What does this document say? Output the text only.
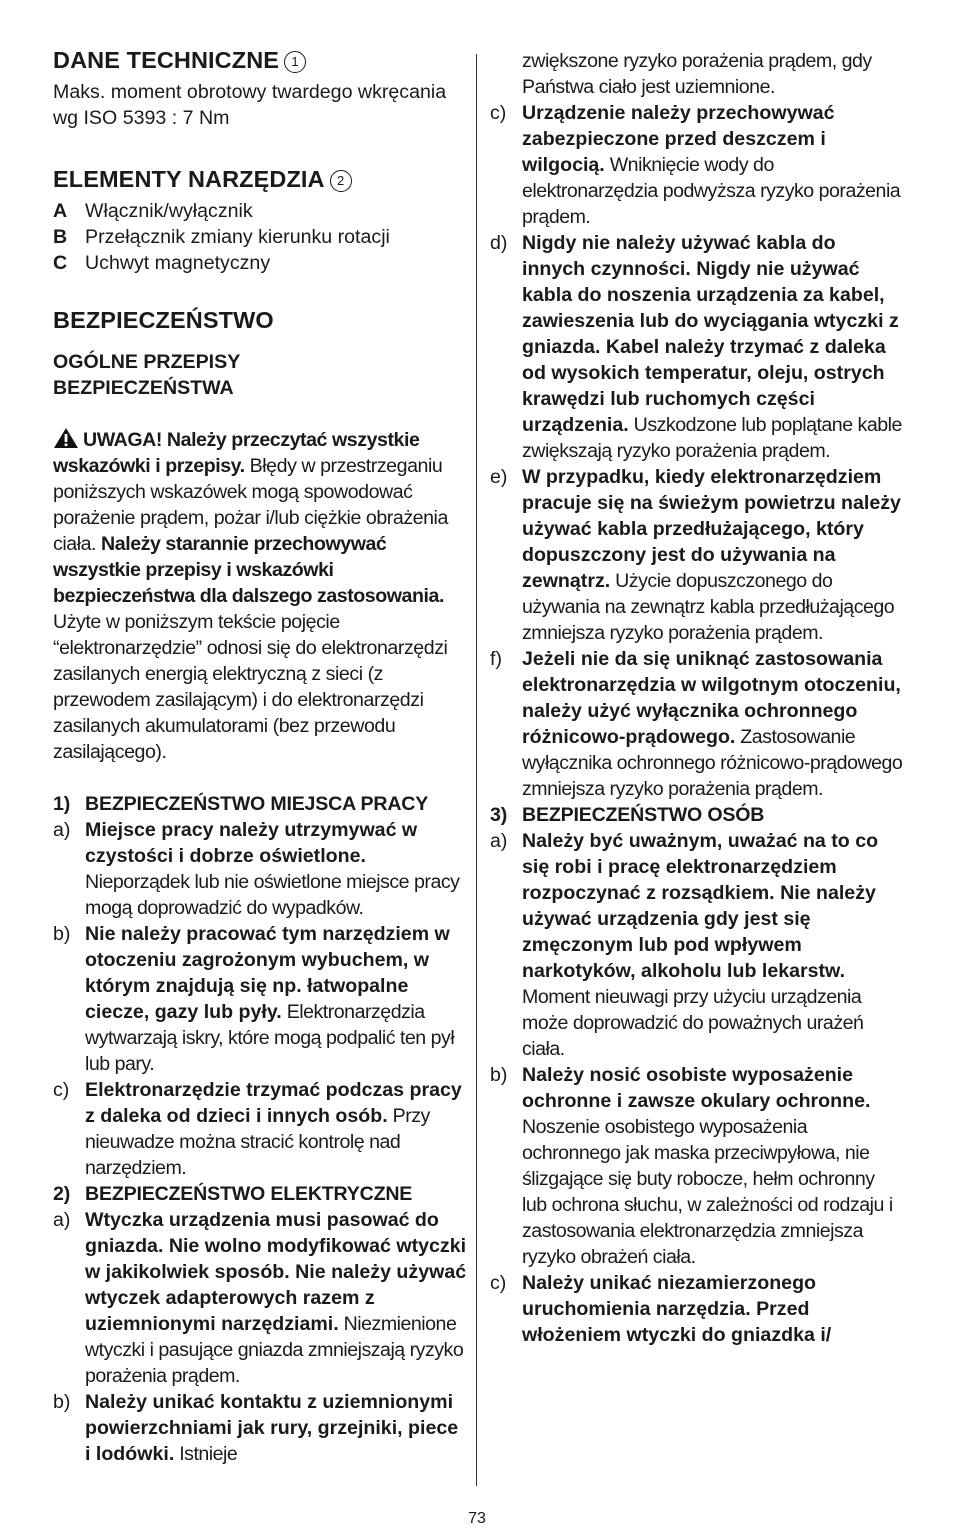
DANE TECHNICZNE 1

Maks. moment obrotowy twardego wkręcania wg ISO 5393 : 7 Nm

ELEMENTY NARZĘDZIA 2
A Włącznik/wyłącznik
B Przełącznik zmiany kierunku rotacji
C Uchwyt magnetyczny
BEZPIECZEŃSTWO
OGÓLNE PRZEPISY
BEZPIECZEŃSTWA

UWAGA! Należy przeczytać wszystkie wskazówki i przepisy. Błędy w przestrzeganiu poniższych wskazówek mogą spowodować porażenie prądem, pożar i/lub ciężkie obrażenia ciała. Należy starannie przechowywać wszystkie przepisy i wskazówki bezpieczeństwa dla dalszego zastosowania. Użyte w poniższym tekście pojęcie “elektronarzędzie” odnosi się do elektronarzędzi zasilanych energią elektryczną z sieci (z przewodem zasilającym) i do elektronarzędzi zasilanych akumulatorami (bez przewodu zasilającego).

1) BEZPIECZEŃSTWO MIEJSCA PRACY
a) Miejsce pracy należy utrzymywać w czystości i dobrze oświetlone. Nieporządek lub nie oświetlone miejsce pracy mogą doprowadzić do wypadków.
b) Nie należy pracować tym narzędziem w otoczeniu zagrożonym wybuchem, w którym znajdują się np. łatwopalne ciecze, gazy lub pyły. Elektronarzędzia wytwarzają iskry, które mogą podpalić ten pył lub pary.
c) Elektronarzędzie trzymać podczas pracy z daleka od dzieci i innych osób. Przy nieuwadze można stracić kontrolę nad narzędziem.
2) BEZPIECZEŃSTWO ELEKTRYCZNE
a) Wtyczka urządzenia musi pasować do gniazda. Nie wolno modyfikować wtyczki w jakikolwiek sposób. Nie należy używać wtyczek adapterowych razem z uziemnionymi narzędziami. Niezmienione wtyczki i pasujące gniazda zmniejszają ryzyko porażenia prądem.
b) Należy unikać kontaktu z uziemnionymi powierzchniami jak rury, grzejniki, piece i lodówki. Istnieje
zwiększone ryzyko porażenia prądem, gdy Państwa ciało jest uziemnione.
c) Urządzenie należy przechowywać zabezpieczone przed deszczem i wilgocią. Wniknięcie wody do elektronarzędzia podwyższa ryzyko porażenia prądem.
d) Nigdy nie należy używać kabla do innych czynności. Nigdy nie używać kabla do noszenia urządzenia za kabel, zawieszenia lub do wyciągania wtyczki z gniazda. Kabel należy trzymać z daleka od wysokich temperatur, oleju, ostrych krawędzi lub ruchomych części urządzenia. Uszkodzone lub poplątane kable zwiększają ryzyko porażenia prądem.
e) W przypadku, kiedy elektronarzędziem pracuje się na świeżym powietrzu należy używać kabla przedłużającego, który dopuszczony jest do używania na zewnątrz. Użycie dopuszczonego do używania na zewnątrz kabla przedłużającego zmniejsza ryzyko porażenia prądem.
f)	Jeżeli nie da się uniknąć zastosowania elektronarzędzia w wilgotnym otoczeniu, należy użyć wyłącznika ochronnego różnicowo-prądowego. Zastosowanie wyłącznika ochronnego różnicowo-prądowego zmniejsza ryzyko porażenia prądem.
3) BEZPIECZEŃSTWO OSÓB
a) Należy być uważnym, uważać na to co się robi i pracę elektronarzędziem rozpoczynać z rozsądkiem. Nie należy używać urządzenia gdy jest się zmęczonym lub pod wpływem narkotyków, alkoholu lub lekarstw. Moment nieuwagi przy użyciu urządzenia może doprowadzić do poważnych urażeń ciała.
b) Należy nosić osobiste wyposażenie ochronne i zawsze okulary ochronne. Noszenie osobistego wyposażenia ochronnego jak maska przeciwpyłowa, nie ślizgające się buty robocze, hełm ochronny lub ochrona słuchu, w zależności od rodzaju i zastosowania elektronarzędzia zmniejsza ryzyko obrażeń ciała.
c) Należy unikać niezamierzonego uruchomienia narzędzia. Przed włożeniem wtyczki do gniazdka i/
73
